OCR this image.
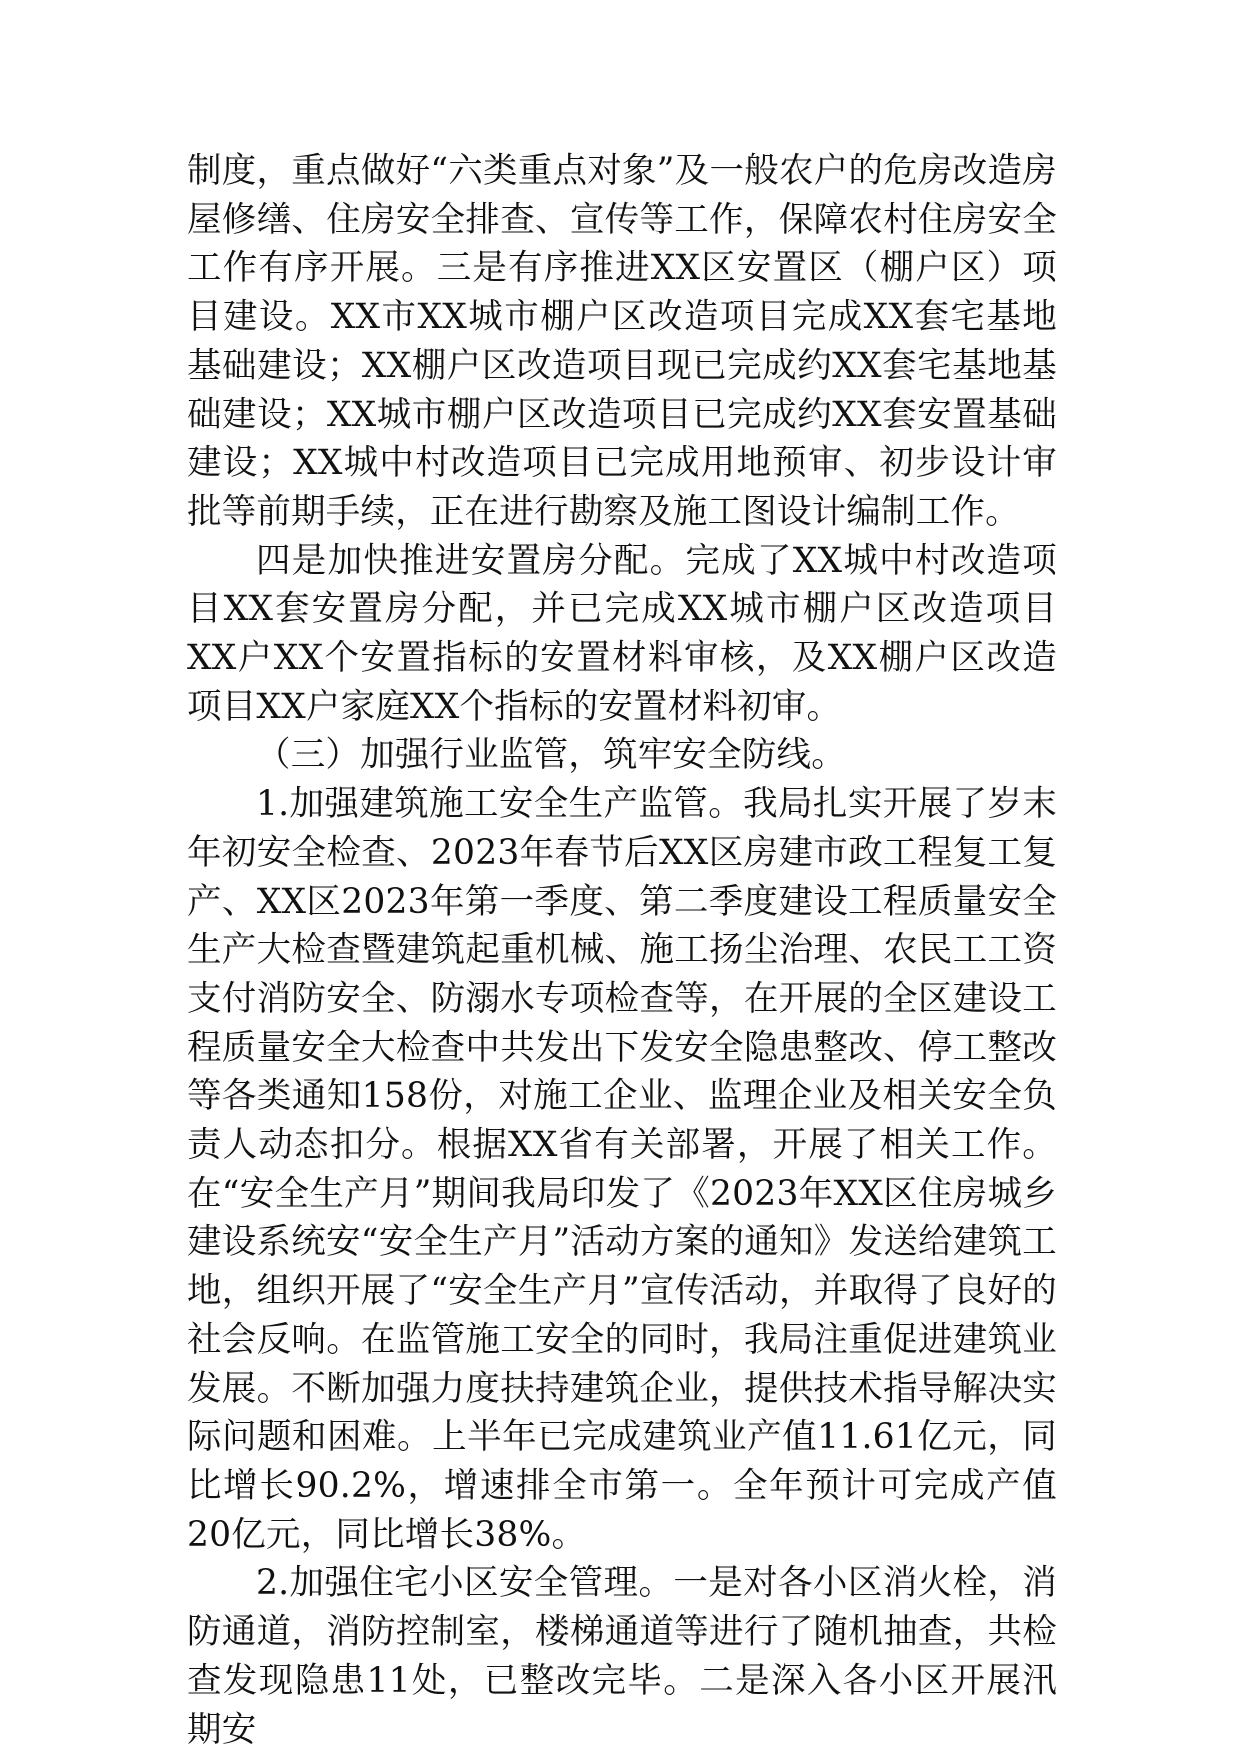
制度，重点做好“六类重点对象”及一般农户的危房改造房屋修缮、住房安全排查、宣传等工作，保障农村住房安全工作有序开展。三是有序推进XX区安置区（棚户区）项目建设。XX市XX城市棚户区改造项目完成XX套宅基地基础建设；XX棚户区改造项目现已完成约XX套宅基地基础建设；XX城市棚户区改造项目已完成约XX套安置基础建设；XX城中村改造项目已完成用地预审、初步设计审批等前期手续，正在进行勘察及施工图设计编制工作。

四是加快推进安置房分配。完成了XX城中村改造项目XX套安置房分配，并已完成XX城市棚户区改造项目XX户XX个安置指标的安置材料审核，及XX棚户区改造项目XX户家庭XX个指标的安置材料初审。

（三）加强行业监管，筑牢安全防线。

1.加强建筑施工安全生产监管。我局扎实开展了岁末年初安全检查、2023年春节后XX区房建市政工程复工复产、XX区2023年第一季度、第二季度建设工程质量安全生产大检查暨建筑起重机械、施工扬尘治理、农民工工资支付消防安全、防溺水专项检查等，在开展的全区建设工程质量安全大检查中共发出下发安全隐患整改、停工整改等各类通知158份，对施工企业、监理企业及相关安全负责人动态扣分。根据XX省有关部署，开展了相关工作。在“安全生产月”期间我局印发了《2023年XX区住房城乡建设系统安“安全生产月”活动方案的通知》发送给建筑工地，组织开展了“安全生产月”宣传活动，并取得了良好的社会反响。在监管施工安全的同时，我局注重促进建筑业发展。不断加强力度扶持建筑企业，提供技术指导解决实际问题和困难。上半年已完成建筑业产值11.61亿元，同比增长90.2%，增速排全市第一。全年预计可完成产值20亿元，同比增长38%。

2.加强住宅小区安全管理。一是对各小区消火栓，消防通道，消防控制室，楼梯通道等进行了随机抽查，共检查发现隐患11处，已整改完毕。二是深入各小区开展汛期安
